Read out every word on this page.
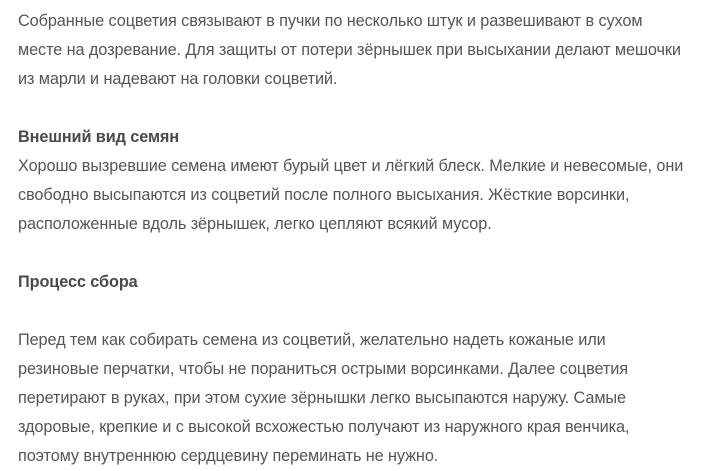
Собранные соцветия связывают в пучки по несколько штук и развешивают в сухом
месте на дозревание. Для защиты от потери зёрнышек при высыхании делают мешочки
из марли и надевают на головки соцветий.

Внешний вид семян
Хорошо вызревшие семена имеют бурый цвет и лёгкий блеск. Мелкие и невесомые, они
свободно высыпаются из соцветий после полного высыхания. Жёсткие ворсинки,
расположенные вдоль зёрнышек, легко цепляют всякий мусор.

Процесс сбора

Перед тем как собирать семена из соцветий, желательно надеть кожаные или
резиновые перчатки, чтобы не пораниться острыми ворсинками. Далее соцветия
перетирают в руках, при этом сухие зёрнышки легко высыпаются наружу. Самые
здоровые, крепкие и с высокой всхожестью получают из наружного края венчика,
поэтому внутреннюю сердцевину переминать не нужно.
